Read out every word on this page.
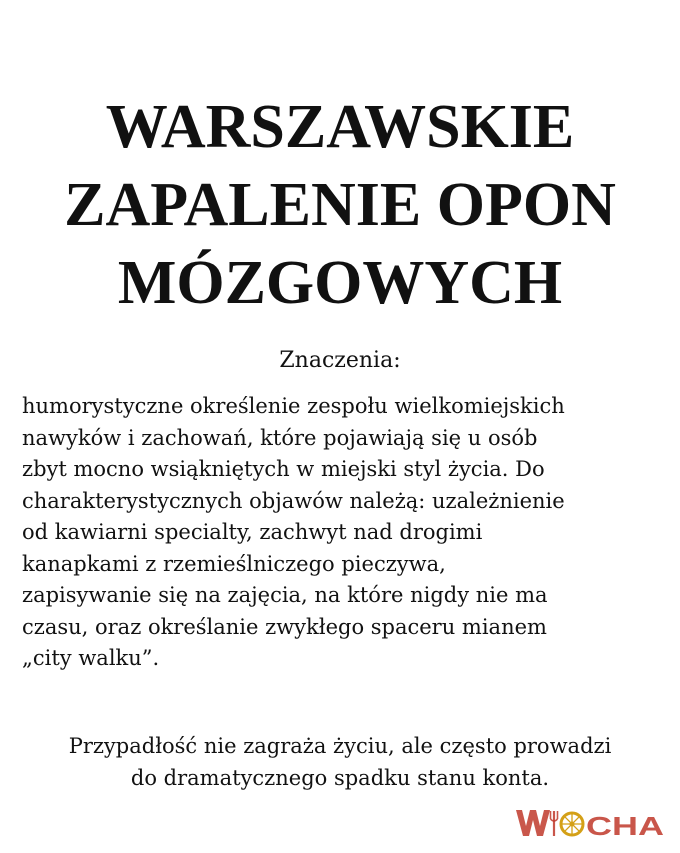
WARSZAWSKIE
ZAPALENIE OPON
MÓZGOWYCH
Znaczenia:

humorystyczne określenie zespołu wielkomiejskich
nawyków i zachowań, które pojawiają się u osób
zbyt mocno wsiąkniętych w miejski styl życia. Do
charakterystycznych objawów należą: uzależnienie
od kawiarni specialty, zachwyt nad drogimi
kanapkami z rzemieślniczego pieczywa,
zapisywanie się na zajęcia, na które nigdy nie ma
czasu, oraz określanie zwykłego spaceru mianem
„city walku”.

Przypadłość nie zagraża życiu, ale często prowadzi
do dramatycznego spadku stanu konta.

CHA
